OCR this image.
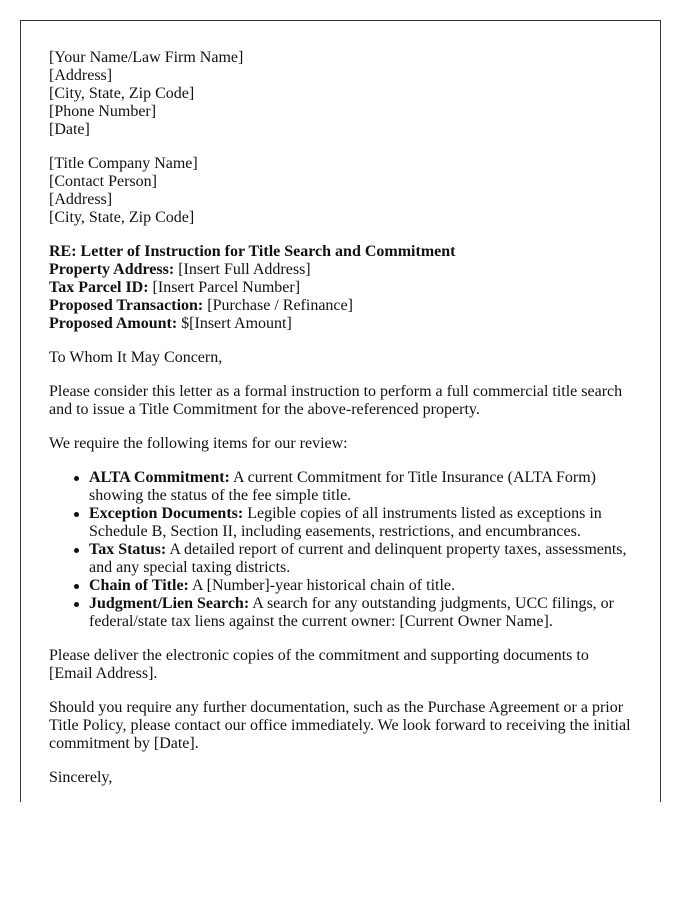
[Your Name/Law Firm Name]
[Address]
[City, State, Zip Code]
[Phone Number]
[Date]
[Title Company Name]
[Contact Person]
[Address]
[City, State, Zip Code]
RE: Letter of Instruction for Title Search and Commitment
Property Address: [Insert Full Address]
Tax Parcel ID: [Insert Parcel Number]
Proposed Transaction: [Purchase / Refinance]
Proposed Amount: $[Insert Amount]

To Whom It May Concern,

Please consider this letter as a formal instruction to perform a full commercial title search and to issue a Title Commitment for the above-referenced property.

We require the following items for our review:

ALTA Commitment: A current Commitment for Title Insurance (ALTA Form) showing the status of the fee simple title.
Exception Documents: Legible copies of all instruments listed as exceptions in Schedule B, Section II, including easements, restrictions, and encumbrances.
Tax Status: A detailed report of current and delinquent property taxes, assessments, and any special taxing districts.
Chain of Title: A [Number]-year historical chain of title.
Judgment/Lien Search: A search for any outstanding judgments, UCC filings, or federal/state tax liens against the current owner: [Current Owner Name].

Please deliver the electronic copies of the commitment and supporting documents to [Email Address].

Should you require any further documentation, such as the Purchase Agreement or a prior Title Policy, please contact our office immediately. We look forward to receiving the initial commitment by [Date].

Sincerely,
